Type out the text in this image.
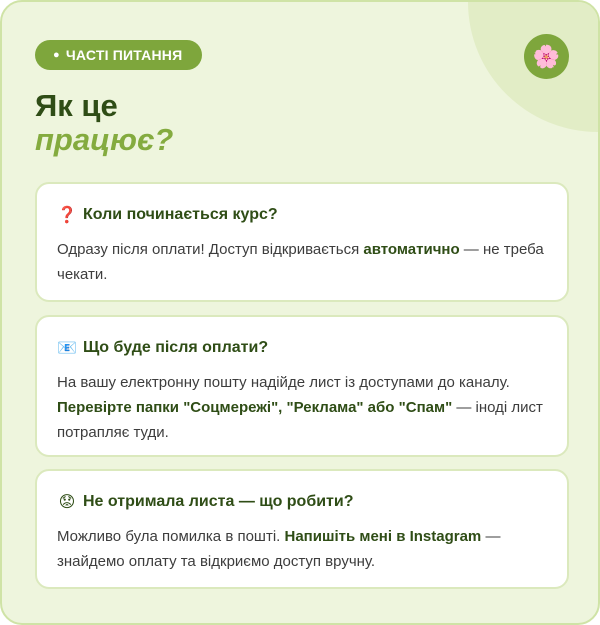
● ЧАСТІ ПИТАННЯ	🌸
Як це
працює?
❓ Коли починається курс?
Одразу після оплати! Доступ відкривається автоматично — не треба чекати.
📧 Що буде після оплати?
На вашу електронну пошту надійде лист із доступами до каналу. Перевірте папки "Соцмережі", "Реклама" або "Спам" — іноді лист потрапляє туди.
😟 Не отримала листа — що робити?
Можливо була помилка в пошті. Напишіть мені в Instagram — знайдемо оплату та відкриємо доступ вручну.
